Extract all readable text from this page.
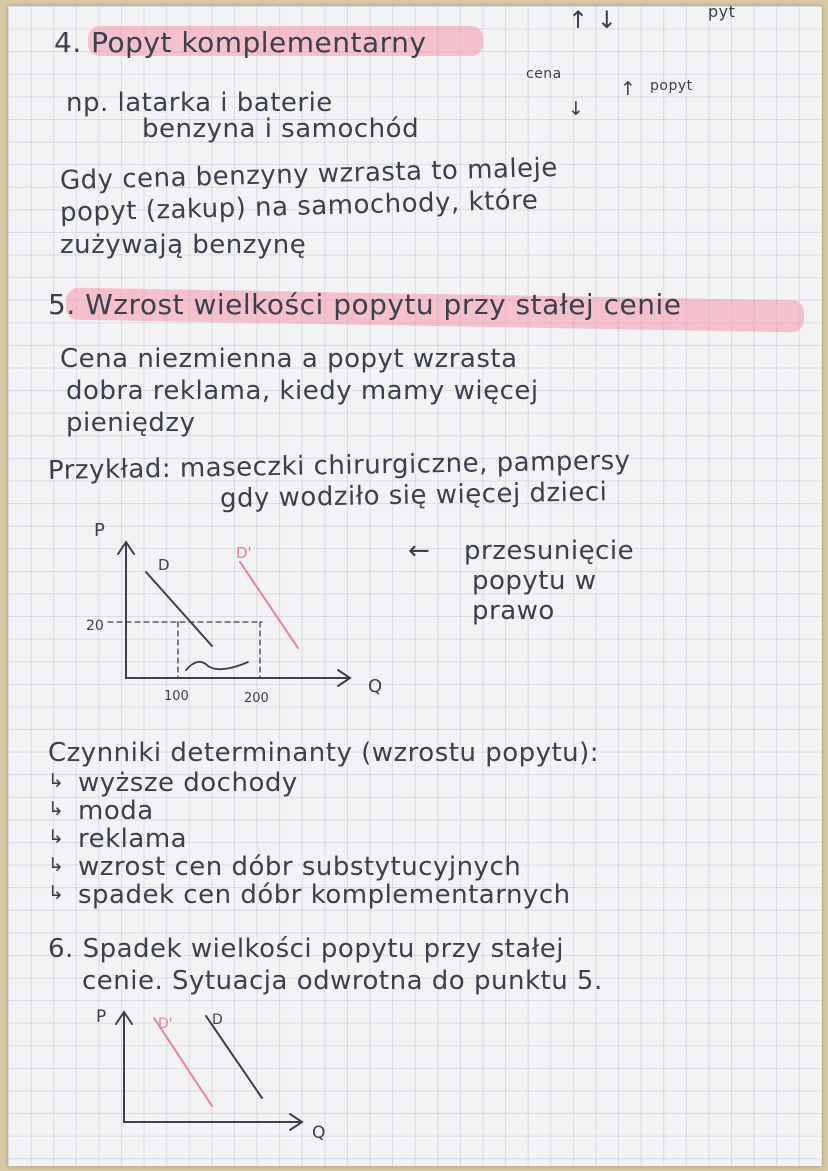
↑ ↓	pyt
4. Popyt komplementarny
np. latarka i baterie
benzyna i samochód
cena
↓
↑ popyt
Gdy cena benzyny wzrasta to maleje
popyt (zakup) na samochody, które
zużywają benzynę
5. Wzrost wielkości popytu przy stałej cenie
Cena niezmienna a popyt wzrasta
dobra reklama, kiedy mamy więcej
pieniędzy
Przykład: maseczki chirurgiczne, pampersy
gdy wodziło się więcej dzieci
P
D
D'
20
100	200
Q
P	D'	D
Q
← przesunięcie
popytu w
prawo
Czynniki determinanty (wzrostu popytu):
↳ wyższe dochody
↳ moda
↳ reklama
↳ wzrost cen dóbr substytucyjnych
↳ spadek cen dóbr komplementarnych
6. Spadek wielkości popytu przy stałej
cenie. Sytuacja odwrotna do punktu 5.
